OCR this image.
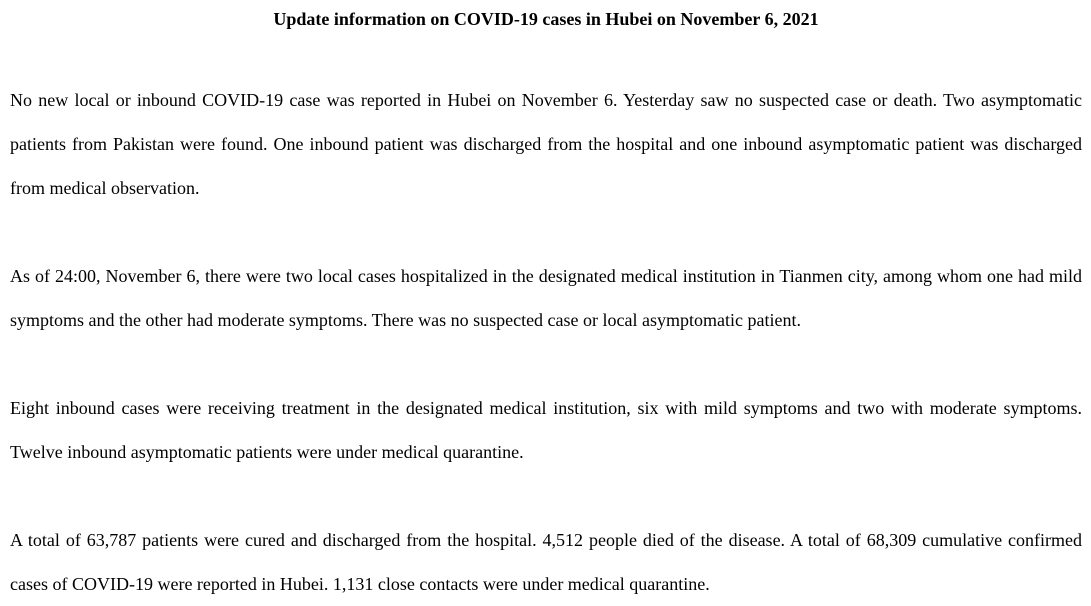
Update information on COVID-19 cases in Hubei on November 6, 2021

No new local or inbound COVID-19 case was reported in Hubei on November 6. Yesterday saw no suspected case or death. Two asymptomatic patients from Pakistan were found. One inbound patient was discharged from the hospital and one inbound asymptomatic patient was discharged from medical observation.

As of 24:00, November 6, there were two local cases hospitalized in the designated medical institution in Tianmen city, among whom one had mild symptoms and the other had moderate symptoms. There was no suspected case or local asymptomatic patient.

Eight inbound cases were receiving treatment in the designated medical institution, six with mild symptoms and two with moderate symptoms. Twelve inbound asymptomatic patients were under medical quarantine.

A total of 63,787 patients were cured and discharged from the hospital. 4,512 people died of the disease. A total of 68,309 cumulative confirmed cases of COVID-19 were reported in Hubei. 1,131 close contacts were under medical quarantine.
